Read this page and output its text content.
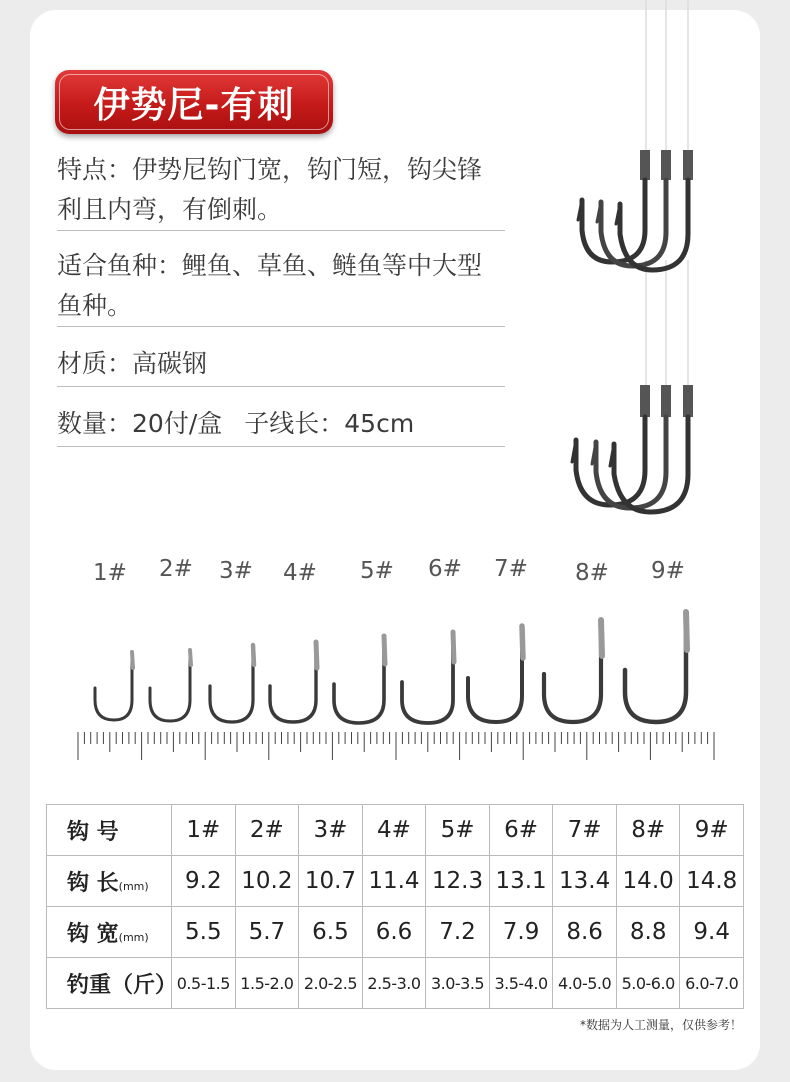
伊势尼-有刺
特点：伊势尼钩门宽，钩门短，钩尖锋利且内弯，有倒刺。
适合鱼种：鲤鱼、草鱼、鲢鱼等中大型鱼种。
材质：高碳钢
数量：20付/盒 子线长：45cm
1# 2# 3# 4# 5# 6# 7# 8# 9#
钩 号	1#	2#	3#	4#	5#	6#	7#	8#	9#
钩 长(mm)	9.2	10.2	10.7	11.4	12.3	13.1	13.4	14.0	14.8
钩 宽(mm)	5.5	5.7	6.5	6.6	7.2	7.9	8.6	8.8	9.4
钓重（斤）	0.5-1.5	1.5-2.0	2.0-2.5	2.5-3.0	3.0-3.5	3.5-4.0	4.0-5.0	5.0-6.0	6.0-7.0
*数据为人工测量，仅供参考！
